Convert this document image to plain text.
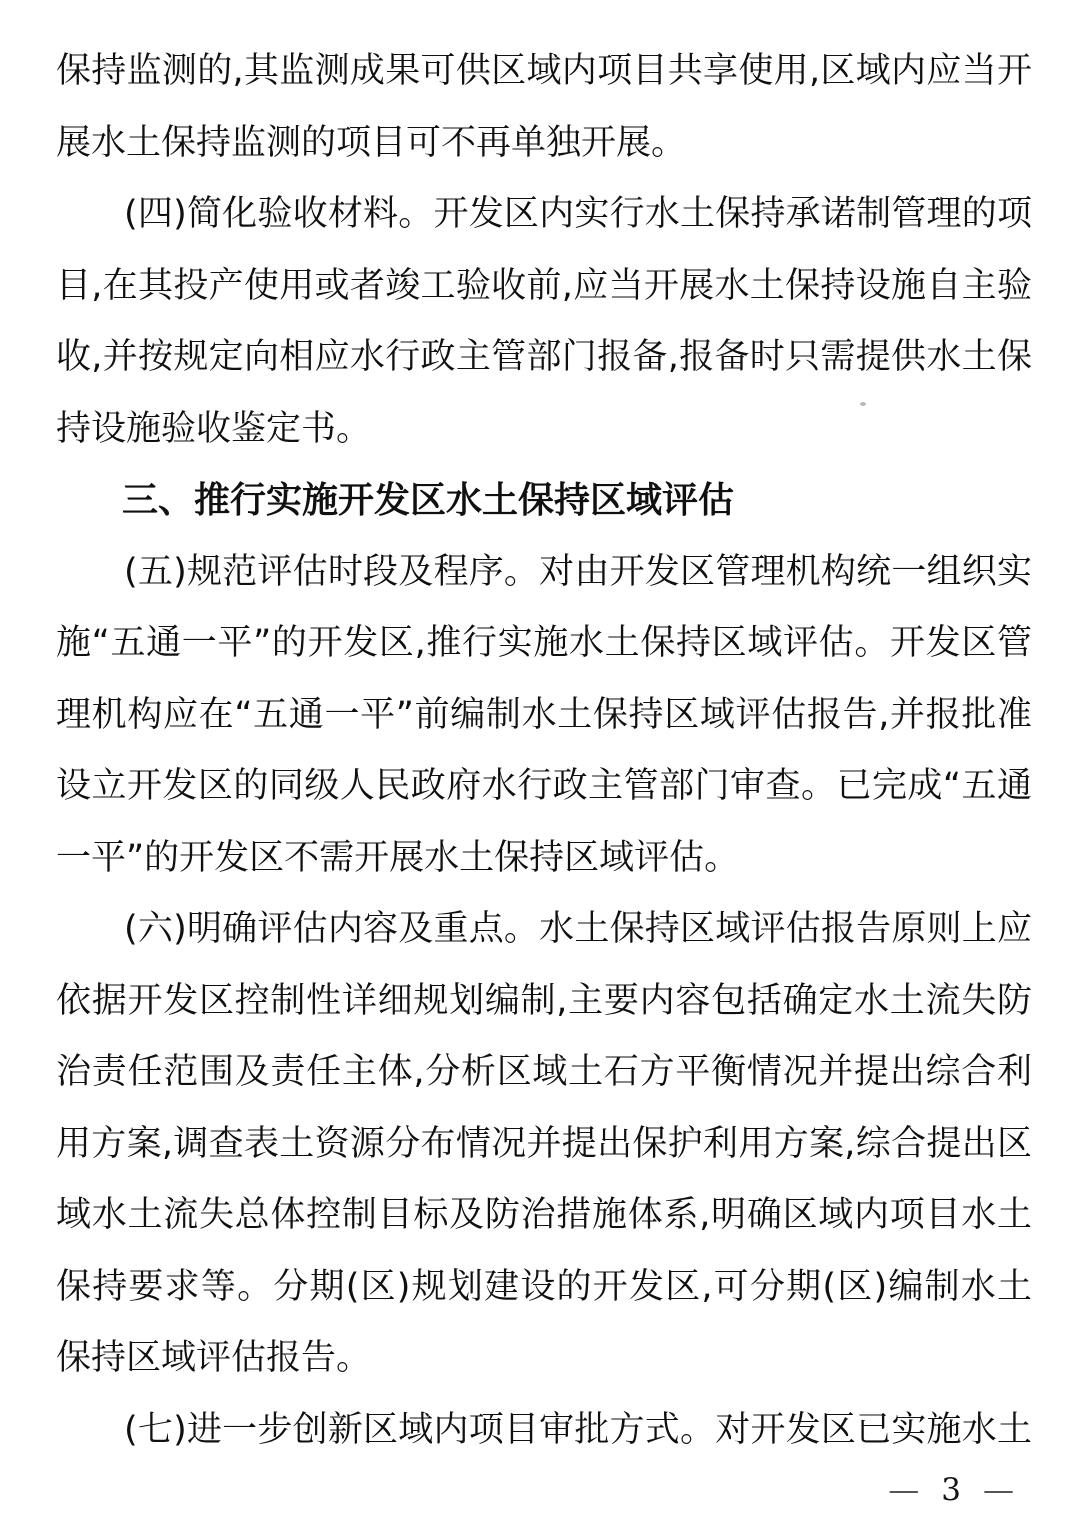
保持监测的,其监测成果可供区域内项目共享使用,区域内应当开
展水土保持监测的项目可不再单独开展。
(四)简化验收材料。开发区内实行水土保持承诺制管理的项
目,在其投产使用或者竣工验收前,应当开展水土保持设施自主验
收,并按规定向相应水行政主管部门报备,报备时只需提供水土保
持设施验收鉴定书。
三、推行实施开发区水土保持区域评估
(五)规范评估时段及程序。对由开发区管理机构统一组织实
施“五通一平”的开发区,推行实施水土保持区域评估。开发区管
理机构应在“五通一平”前编制水土保持区域评估报告,并报批准
设立开发区的同级人民政府水行政主管部门审查。已完成“五通
一平”的开发区不需开展水土保持区域评估。
(六)明确评估内容及重点。水土保持区域评估报告原则上应
依据开发区控制性详细规划编制,主要内容包括确定水土流失防
治责任范围及责任主体,分析区域土石方平衡情况并提出综合利
用方案,调查表土资源分布情况并提出保护利用方案,综合提出区
域水土流失总体控制目标及防治措施体系,明确区域内项目水土
保持要求等。分期(区)规划建设的开发区,可分期(区)编制水土
保持区域评估报告。
(七)进一步创新区域内项目审批方式。对开发区已实施水土
— 3 —
